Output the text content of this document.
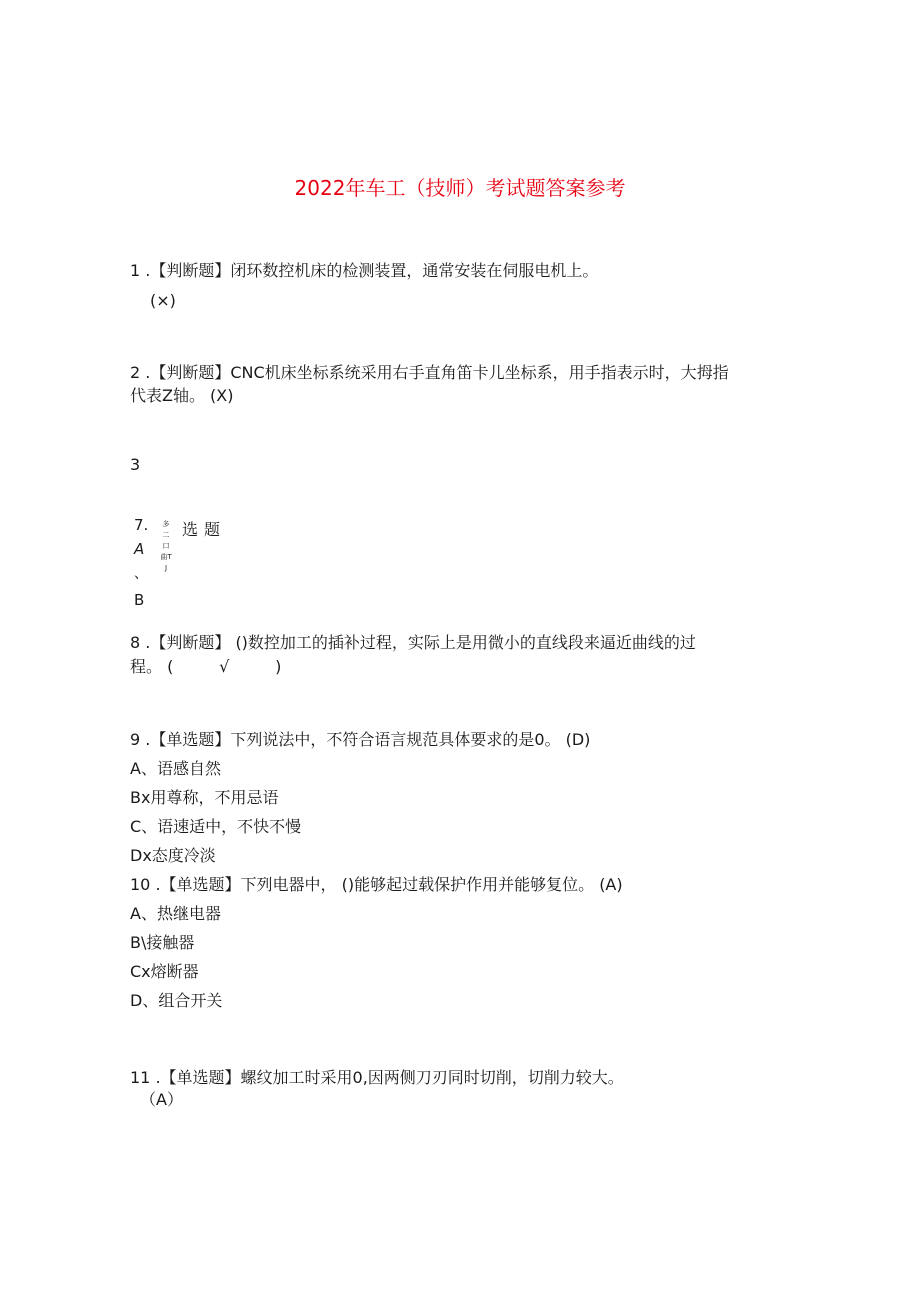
2022年车工（技师）考试题答案参考
1 .【判断题】闭环数控机床的检测装置，通常安装在伺服电机上。
(×)
2 .【判断题】CNC机床坐标系统采用右手直角笛卡儿坐标系，用手指表示时，大拇指
代表Z轴。 (X)
3
7.
A
、
B
多二口曲TJ
选题
8 .【判断题】 ()数控加工的插补过程，实际上是用微小的直线段来逼近曲线的过
程。 (         √         )
9 .【单选题】下列说法中，不符合语言规范具体要求的是0。 (D)
A、语感自然
Bx用尊称，不用忌语
C、语速适中，不快不慢
Dx态度冷淡
10 .【单选题】下列电器中， ()能够起过载保护作用并能够复位。 (A)
A、热继电器
B\接触器
Cx熔断器
D、组合开关
11 .【单选题】螺纹加工时采用0,因两侧刀刃同时切削，切削力较大。
（A）
